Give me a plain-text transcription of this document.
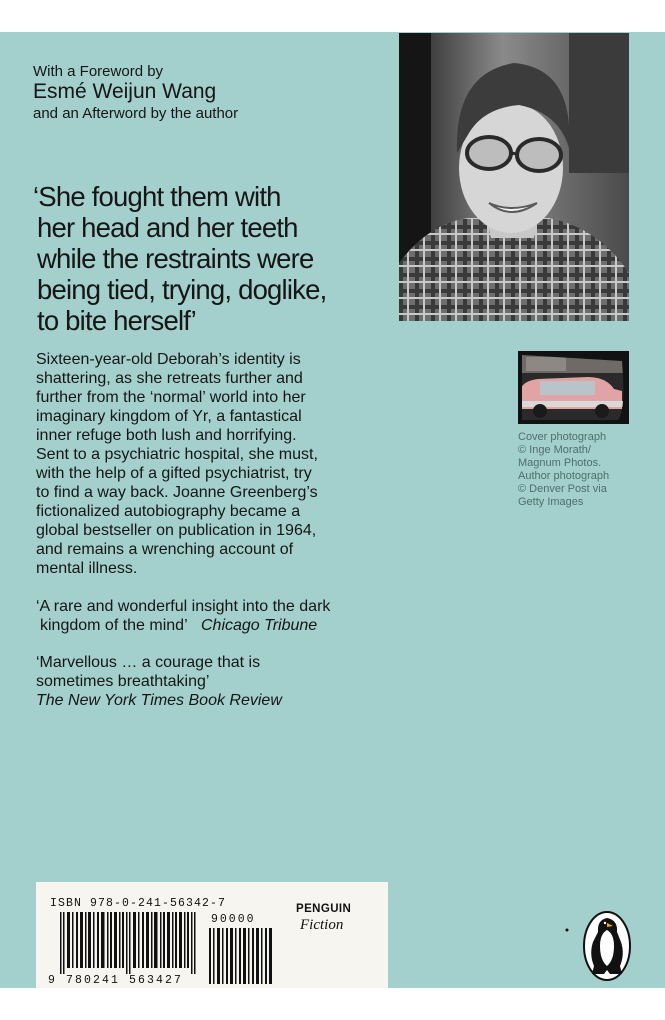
With a Foreword by
Esmé Weijun Wang
and an Afterword by the author
‘She fought them with
her head and her teeth
while the restraints were
being tied, trying, doglike,
to bite herself’
Sixteen-year-old Deborah’s identity is
shattering, as she retreats further and
further from the ‘normal’ world into her
imaginary kingdom of Yr, a fantastical
inner refuge both lush and horrifying.
Sent to a psychiatric hospital, she must,
with the help of a gifted psychiatrist, try
to find a way back. Joanne Greenberg’s
fictionalized autobiography became a
global bestseller on publication in 1964,
and remains a wrenching account of
mental illness.
‘A rare and wonderful insight into the dark
kingdom of the mind’ Chicago Tribune
‘Marvellous … a courage that is
sometimes breathtaking’
The New York Times Book Review
Cover photograph
© Inge Morath/
Magnum Photos.
Author photograph
© Denver Post via
Getty Images
ISBN 978-0-241-56342-7
90000
9 780241 563427
PENGUIN
Fiction
